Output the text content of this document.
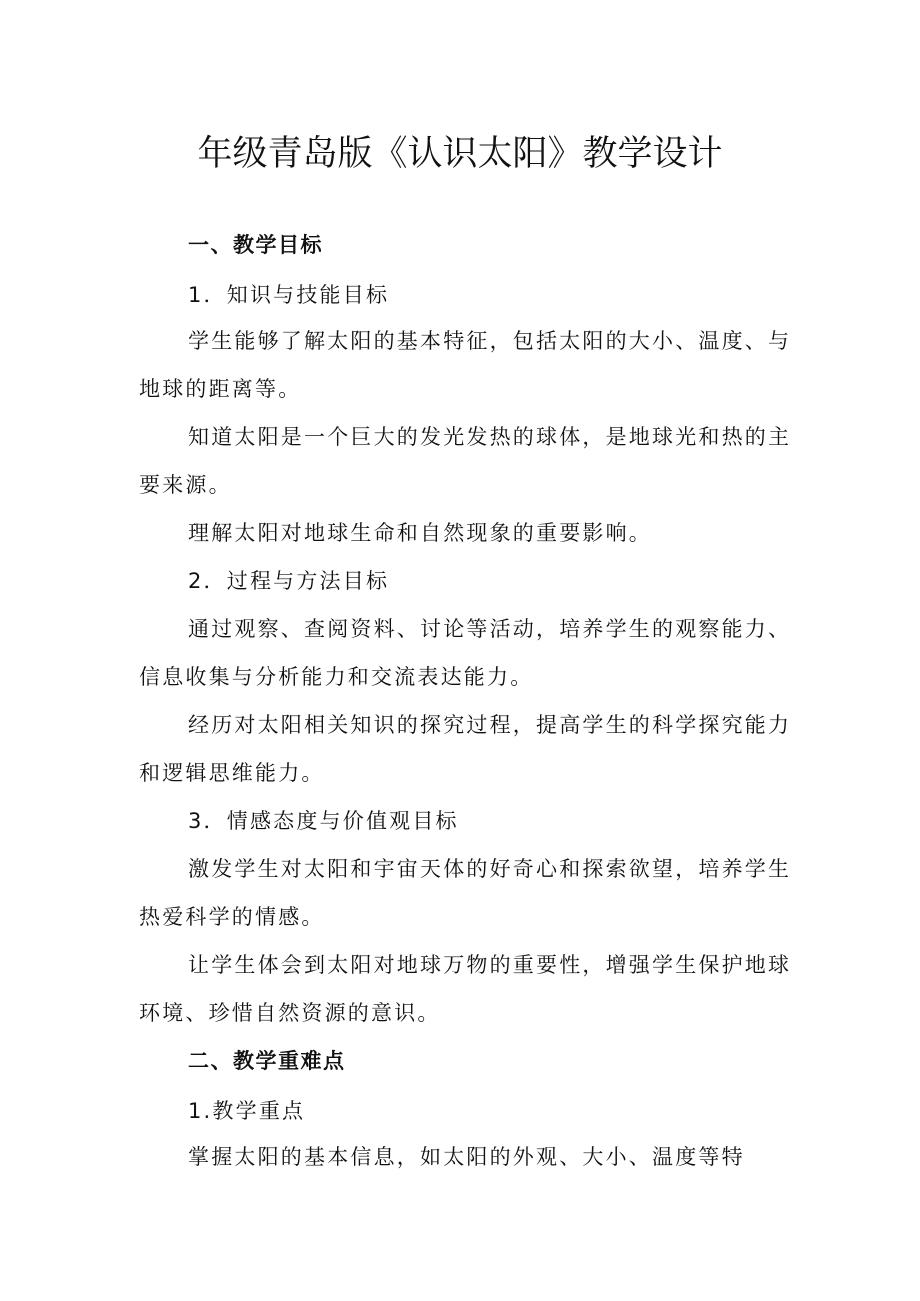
年级青岛版《认识太阳》教学设计

一、教学目标

1．知识与技能目标

学生能够了解太阳的基本特征，包括太阳的大小、温度、与

地球的距离等。

知道太阳是一个巨大的发光发热的球体，是地球光和热的主

要来源。

理解太阳对地球生命和自然现象的重要影响。

2．过程与方法目标

通过观察、查阅资料、讨论等活动，培养学生的观察能力、

信息收集与分析能力和交流表达能力。

经历对太阳相关知识的探究过程，提高学生的科学探究能力

和逻辑思维能力。

3．情感态度与价值观目标

激发学生对太阳和宇宙天体的好奇心和探索欲望，培养学生

热爱科学的情感。

让学生体会到太阳对地球万物的重要性，增强学生保护地球

环境、珍惜自然资源的意识。

二、教学重难点

1.教学重点

掌握太阳的基本信息，如太阳的外观、大小、温度等特
